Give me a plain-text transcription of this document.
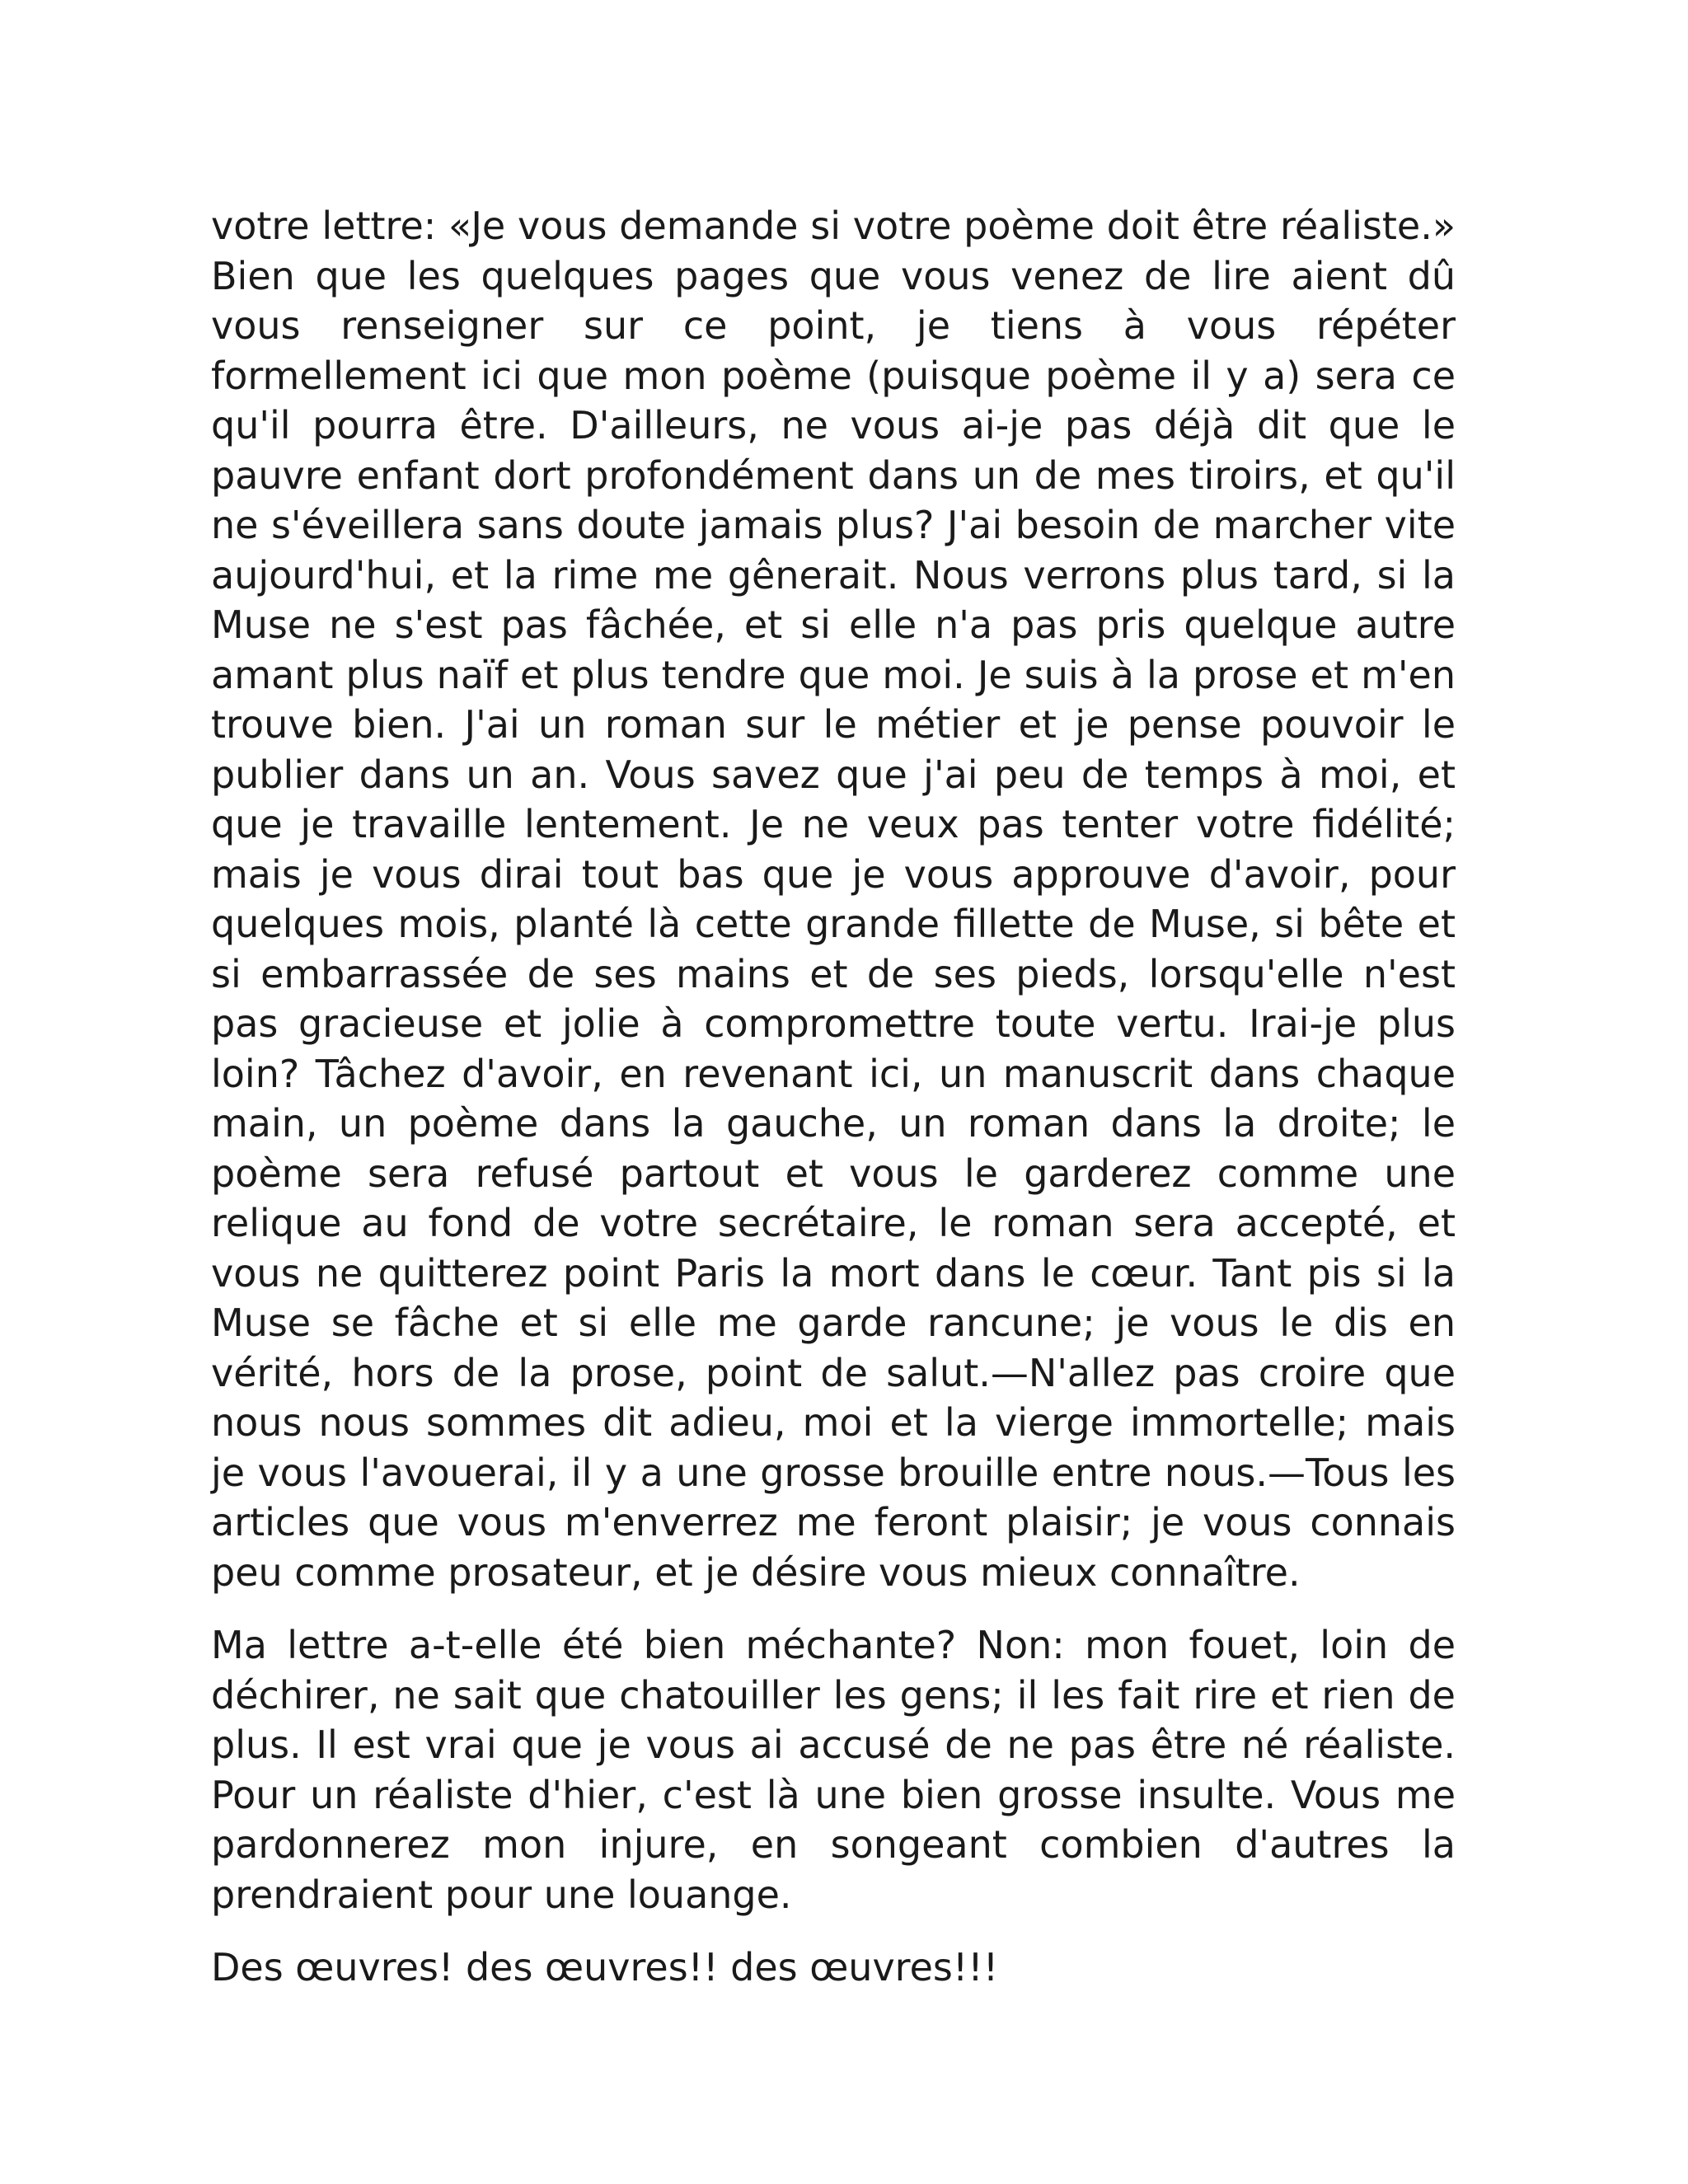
votre lettre: «Je vous demande si votre poème doit être réaliste.» Bien que les quelques pages que vous venez de lire aient dû vous renseigner sur ce point, je tiens à vous répéter formellement ici que mon poème (puisque poème il y a) sera ce qu'il pourra être. D'ailleurs, ne vous ai-je pas déjà dit que le pauvre enfant dort profondément dans un de mes tiroirs, et qu'il ne s'éveillera sans doute jamais plus? J'ai besoin de marcher vite aujourd'hui, et la rime me gênerait. Nous verrons plus tard, si la Muse ne s'est pas fâchée, et si elle n'a pas pris quelque autre amant plus naïf et plus tendre que moi. Je suis à la prose et m'en trouve bien. J'ai un roman sur le métier et je pense pouvoir le publier dans un an. Vous savez que j'ai peu de temps à moi, et que je travaille lentement. Je ne veux pas tenter votre fidélité; mais je vous dirai tout bas que je vous approuve d'avoir, pour quelques mois, planté là cette grande fillette de Muse, si bête et si embarrassée de ses mains et de ses pieds, lorsqu'elle n'est pas gracieuse et jolie à compromettre toute vertu. Irai-je plus loin? Tâchez d'avoir, en revenant ici, un manuscrit dans chaque main, un poème dans la gauche, un roman dans la droite; le poème sera refusé partout et vous le garderez comme une relique au fond de votre secrétaire, le roman sera accepté, et vous ne quitterez point Paris la mort dans le cœur. Tant pis si la Muse se fâche et si elle me garde rancune; je vous le dis en vérité, hors de la prose, point de salut.—N'allez pas croire que nous nous sommes dit adieu, moi et la vierge immortelle; mais je vous l'avouerai, il y a une grosse brouille entre nous.—Tous les articles que vous m'enverrez me feront plaisir; je vous connais peu comme prosateur, et je désire vous mieux connaître.

Ma lettre a-t-elle été bien méchante? Non: mon fouet, loin de déchirer, ne sait que chatouiller les gens; il les fait rire et rien de plus. Il est vrai que je vous ai accusé de ne pas être né réaliste. Pour un réaliste d'hier, c'est là une bien grosse insulte. Vous me pardonnerez mon injure, en songeant combien d'autres la prendraient pour une louange.

Des œuvres! des œuvres!! des œuvres!!!
